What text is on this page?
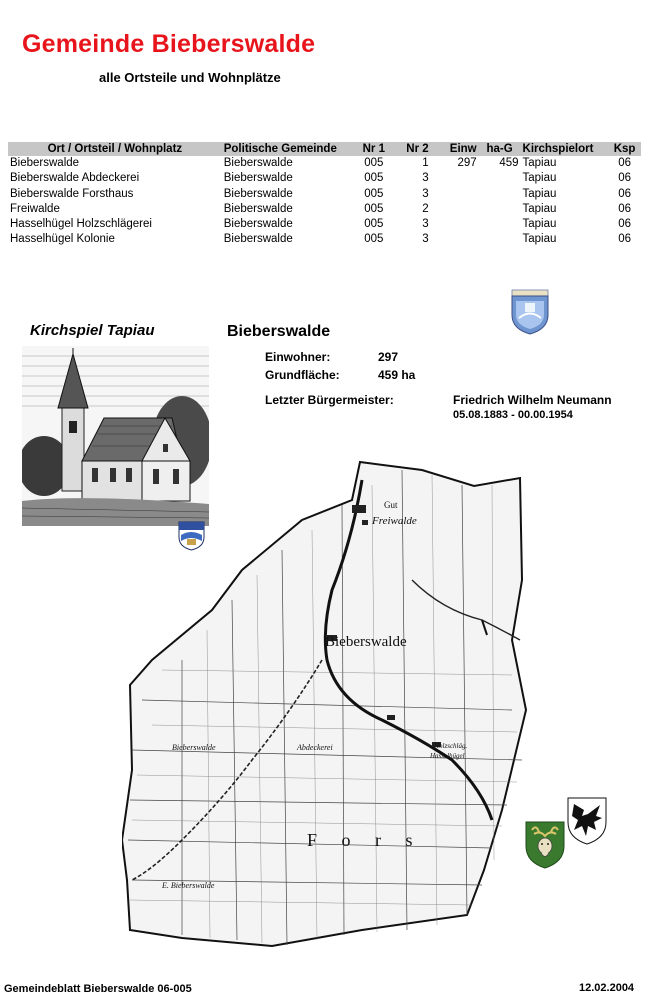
Gemeinde Bieberswalde
alle Ortsteile und Wohnplätze
Ort / Ortsteil / Wohnplatz	Politische Gemeinde	Nr 1	Nr 2	Einw	ha-G	Kirchspielort	Ksp
Bieberswalde	Bieberswalde	005	1	297	459	Tapiau	06
Bieberswalde Abdeckerei	Bieberswalde	005	3			Tapiau	06
Bieberswalde Forsthaus	Bieberswalde	005	3			Tapiau	06
Freiwalde	Bieberswalde	005	2			Tapiau	06
Hasselhügel Holzschlägerei	Bieberswalde	005	3			Tapiau	06
Hasselhügel Kolonie	Bieberswalde	005	3			Tapiau	06
Kirchspiel Tapiau	Bieberswalde
Einwohner:	297
Grundfläche:	459 ha
Letzter Bürgermeister:	Friedrich Wilhelm Neumann
05.08.1883 - 00.00.1954
Gut
Freiwalde
Bieberswalde
Bieberswalde	Abdeckerei	Holzschläg.
Hasselhügel
F o r s
E. Bieberswalde
Gemeindeblatt Bieberswalde 06-005	12.02.2004
